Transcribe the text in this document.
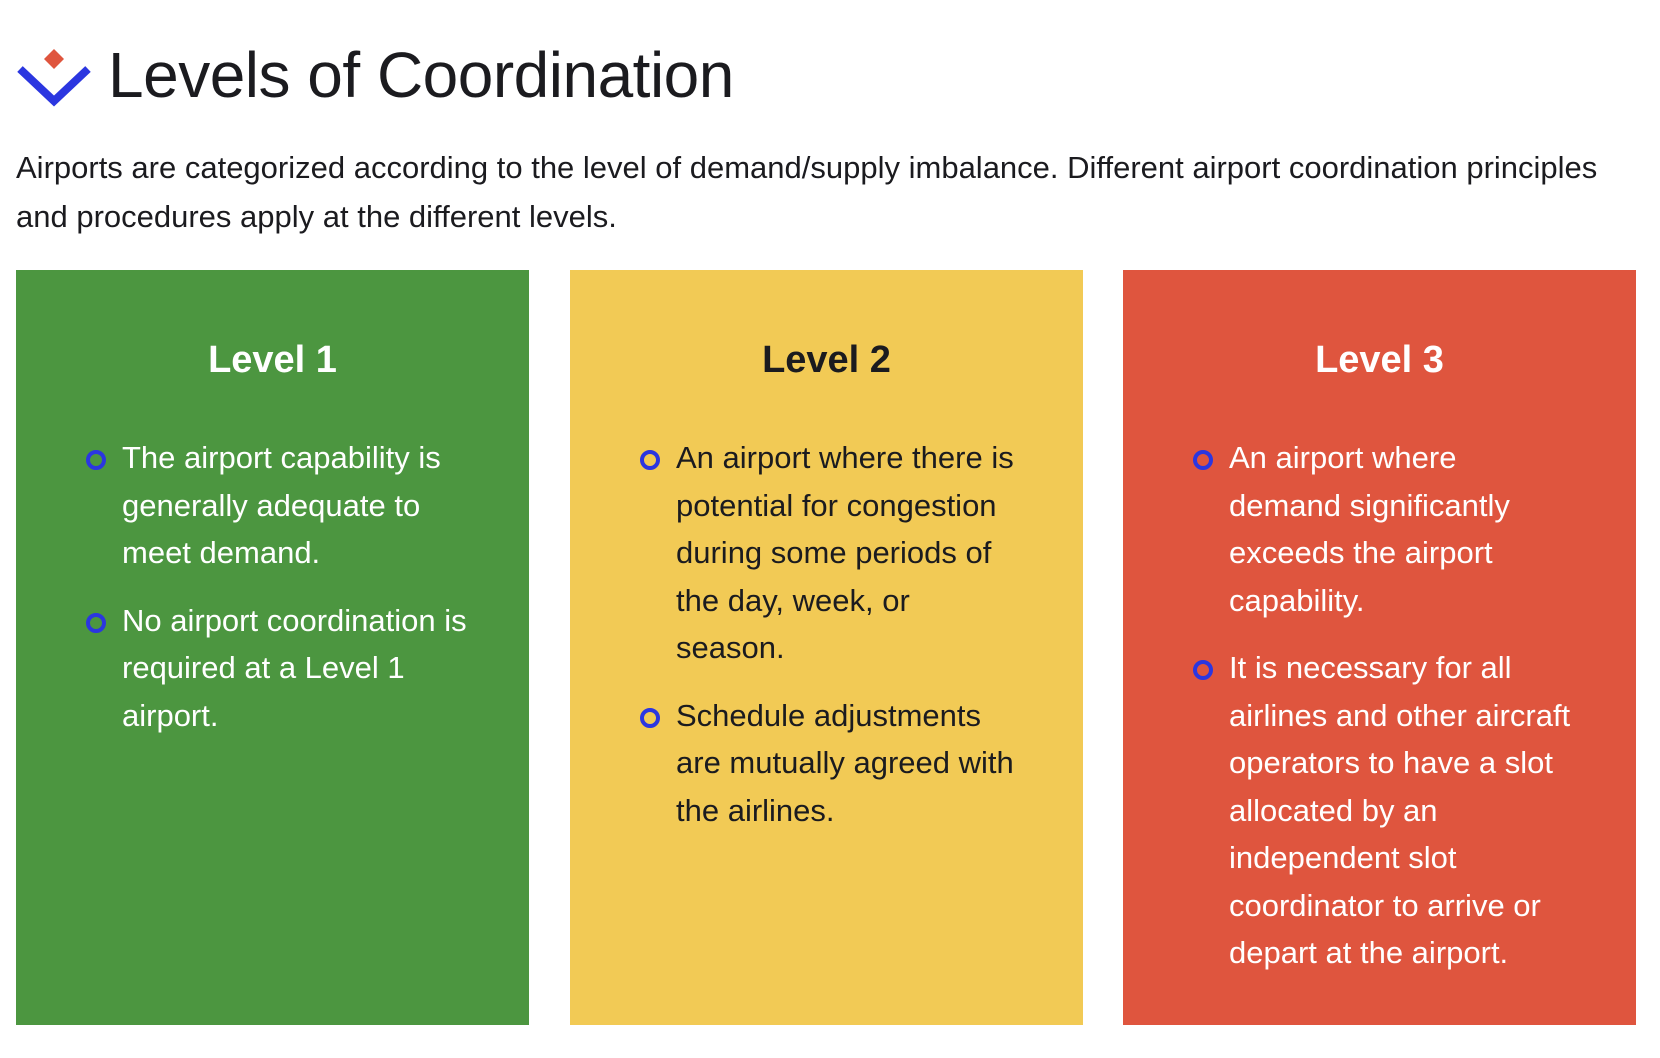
Levels of Coordination
Airports are categorized according to the level of demand/supply imbalance. Different airport coordination principles and procedures apply at the different levels.
Level 1
The airport capability is generally adequate to meet demand.
No airport coordination is required at a Level 1 airport.
Level 2
An airport where there is potential for congestion during some periods of the day, week, or season.
Schedule adjustments are mutually agreed with the airlines.
Level 3
An airport where demand significantly exceeds the airport capability.
It is necessary for all airlines and other aircraft operators to have a slot allocated by an independent slot coordinator to arrive or depart at the airport.
